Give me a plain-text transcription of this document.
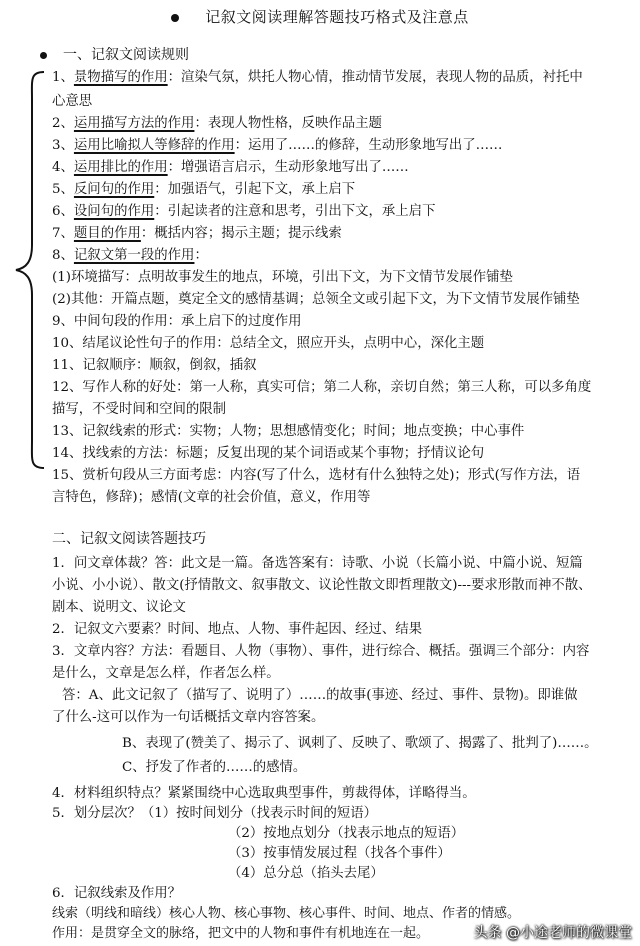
记叙文阅读理解答题技巧格式及注意点
一、记叙文阅读规则
1、景物描写的作用：渲染气氛，烘托人物心情，推动情节发展，表现人物的品质，衬托中
心意思
2、运用描写方法的作用：表现人物性格，反映作品主题
3、运用比喻拟人等修辞的作用：运用了……的修辞，生动形象地写出了……
4、运用排比的作用：增强语言启示，生动形象地写出了……
5、反问句的作用：加强语气，引起下文，承上启下
6、设问句的作用：引起读者的注意和思考，引出下文，承上启下
7、题目的作用：概括内容；揭示主题；提示线索
8、记叙文第一段的作用：
(1)环境描写：点明故事发生的地点，环境，引出下文，为下文情节发展作铺垫
(2)其他：开篇点题，奠定全文的感情基调；总领全文或引起下文，为下文情节发展作铺垫
9、中间句段的作用：承上启下的过度作用
10、结尾议论性句子的作用：总结全文，照应开头，点明中心，深化主题
11、记叙顺序：顺叙，倒叙，插叙
12、写作人称的好处：第一人称，真实可信；第二人称，亲切自然；第三人称，可以多角度
描写，不受时间和空间的限制
13、记叙线索的形式：实物；人物；思想感情变化；时间；地点变换；中心事件
14、找线索的方法：标题；反复出现的某个词语或某个事物；抒情议论句
15、赏析句段从三方面考虑：内容(写了什么，选材有什么独特之处)；形式(写作方法，语
言特色，修辞)；感情(文章的社会价值，意义，作用等
二、记叙文阅读答题技巧
1．问文章体裁？答：此文是一篇。备选答案有：诗歌、小说（长篇小说、中篇小说、短篇
小说、小小说）、散文(抒情散文、叙事散文、议论性散文即哲理散文)---要求形散而神不散、
剧本、说明文、议论文
2．记叙文六要素？时间、地点、人物、事件起因、经过、结果
3．文章内容？方法：看题目、人物（事物）、事件，进行综合、概括。强调三个部分：内容
是什么，文章是怎么样，作者怎么样。
答：A、此文记叙了（描写了、说明了）……的故事(事迹、经过、事件、景物)。即谁做
了什么-这可以作为一句话概括文章内容答案。
B、表现了(赞美了、揭示了、讽刺了、反映了、歌颂了、揭露了、批判了)……。
C、抒发了作者的……的感情。
4．材料组织特点？紧紧围绕中心选取典型事件，剪裁得体，详略得当。
5．划分层次？（1）按时间划分（找表示时间的短语）
（2）按地点划分（找表示地点的短语）
（3）按事情发展过程（找各个事件）
（4）总分总（掐头去尾）
6．记叙线索及作用？
线索（明线和暗线）核心人物、核心事物、核心事件、时间、地点、作者的情感。
作用：是贯穿全文的脉络，把文中的人物和事件有机地连在一起。	头条 @小途老师的微课堂
